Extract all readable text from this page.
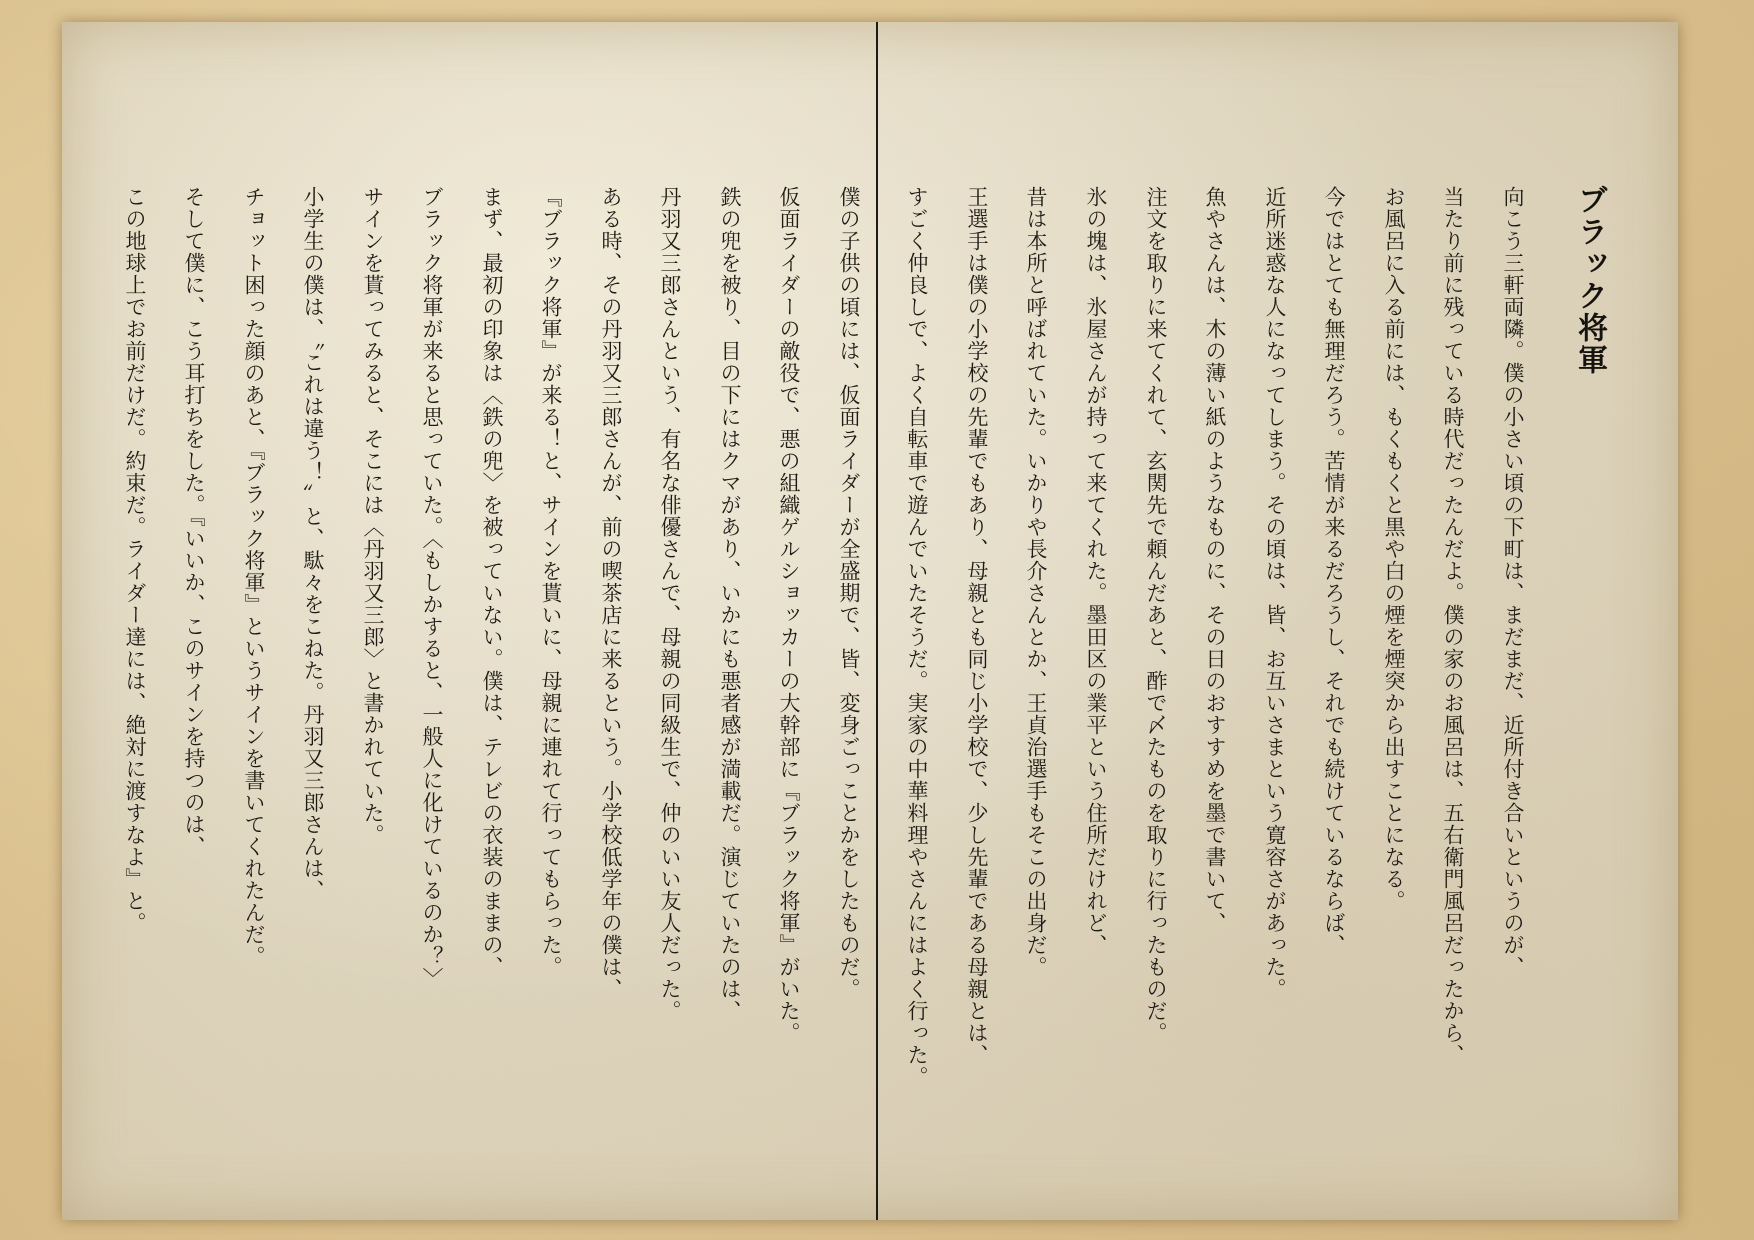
ブラック将軍
向こう三軒両隣。僕の小さい頃の下町は、まだまだ、近所付き合いというのが、
当たり前に残っている時代だったんだよ。僕の家のお風呂は、五右衛門風呂だったから、
お風呂に入る前には、もくもくと黒や白の煙を煙突から出すことになる。
今ではとても無理だろう。苦情が来るだろうし、それでも続けているならば、
近所迷惑な人になってしまう。その頃は、皆、お互いさまという寛容さがあった。
魚やさんは、木の薄い紙のようなものに、その日のおすすめを墨で書いて、
注文を取りに来てくれて、玄関先で頼んだあと、酢で〆たものを取りに行ったものだ。
氷の塊は、氷屋さんが持って来てくれた。墨田区の業平という住所だけれど、
昔は本所と呼ばれていた。いかりや長介さんとか、王貞治選手もそこの出身だ。
王選手は僕の小学校の先輩でもあり、母親とも同じ小学校で、少し先輩である母親とは、
すごく仲良しで、よく自転車で遊んでいたそうだ。実家の中華料理やさんにはよく行った。
僕の子供の頃には、仮面ライダーが全盛期で、皆、変身ごっことかをしたものだ。
仮面ライダーの敵役で、悪の組織ゲルショッカーの大幹部に『ブラック将軍』がいた。
鉄の兜を被り、目の下にはクマがあり、いかにも悪者感が満載だ。演じていたのは、
丹羽又三郎さんという、有名な俳優さんで、母親の同級生で、仲のいい友人だった。
ある時、その丹羽又三郎さんが、前の喫茶店に来るという。小学校低学年の僕は、
『ブラック将軍』が来る！と、サインを貰いに、母親に連れて行ってもらった。
まず、最初の印象は〈鉄の兜〉を被っていない。僕は、テレビの衣装のままの、
ブラック将軍が来ると思っていた。〈もしかすると、一般人に化けているのか？〉
サインを貰ってみると、そこには〈丹羽又三郎〉と書かれていた。
小学生の僕は、〝これは違う！〟と、駄々をこねた。丹羽又三郎さんは、
チョット困った顔のあと、『ブラック将軍』というサインを書いてくれたんだ。
そして僕に、こう耳打ちをした。『いいか、このサインを持つのは、
この地球上でお前だけだ。約束だ。ライダー達には、絶対に渡すなよ』と。
